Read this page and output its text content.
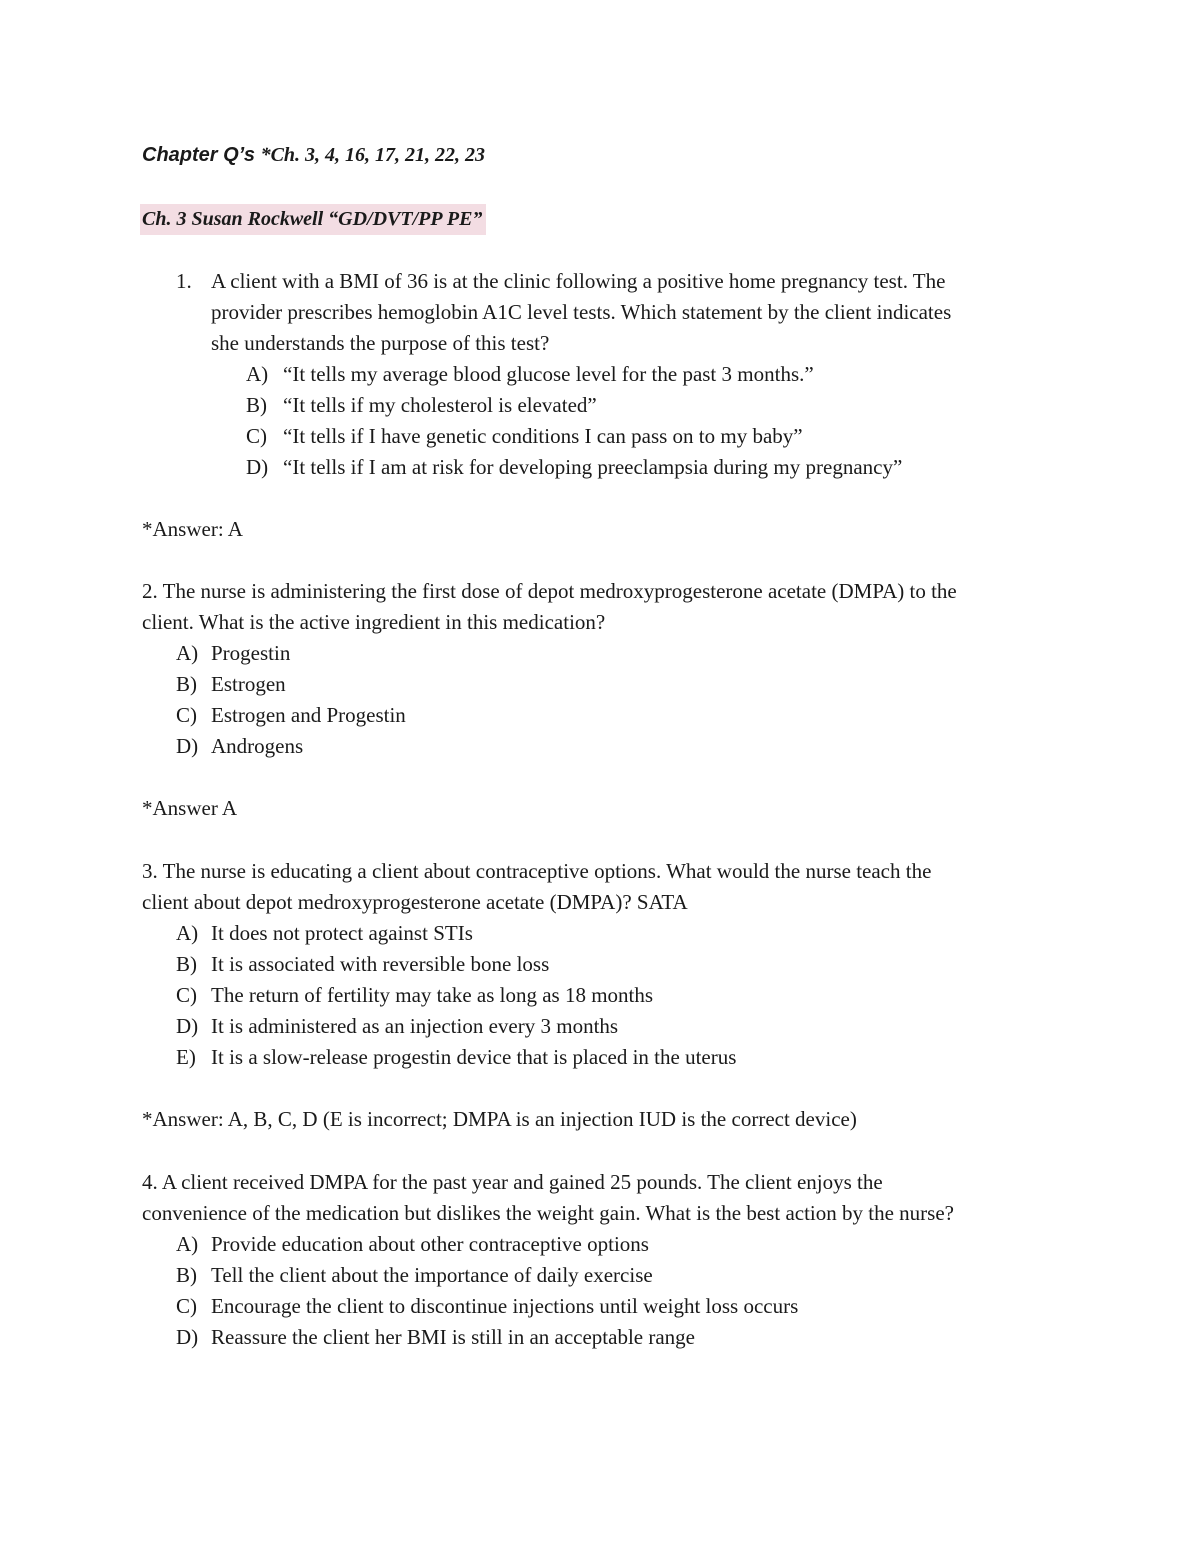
Chapter Q’s *Ch. 3, 4, 16, 17, 21, 22, 23
Ch. 3 Susan Rockwell “GD/DVT/PP PE”
1. A client with a BMI of 36 is at the clinic following a positive home pregnancy test. The
provider prescribes hemoglobin A1C level tests. Which statement by the client indicates
she understands the purpose of this test?
A) “It tells my average blood glucose level for the past 3 months.”
B) “It tells if my cholesterol is elevated”
C) “It tells if I have genetic conditions I can pass on to my baby”
D) “It tells if I am at risk for developing preeclampsia during my pregnancy”
*Answer: A
2. The nurse is administering the first dose of depot medroxyprogesterone acetate (DMPA) to the
client. What is the active ingredient in this medication?
A) Progestin
B) Estrogen
C) Estrogen and Progestin
D) Androgens
*Answer A
3. The nurse is educating a client about contraceptive options. What would the nurse teach the
client about depot medroxyprogesterone acetate (DMPA)? SATA
A) It does not protect against STIs
B) It is associated with reversible bone loss
C) The return of fertility may take as long as 18 months
D) It is administered as an injection every 3 months
E) It is a slow-release progestin device that is placed in the uterus
*Answer: A, B, C, D (E is incorrect; DMPA is an injection IUD is the correct device)
4. A client received DMPA for the past year and gained 25 pounds. The client enjoys the
convenience of the medication but dislikes the weight gain. What is the best action by the nurse?
A) Provide education about other contraceptive options
B) Tell the client about the importance of daily exercise
C) Encourage the client to discontinue injections until weight loss occurs
D) Reassure the client her BMI is still in an acceptable range
